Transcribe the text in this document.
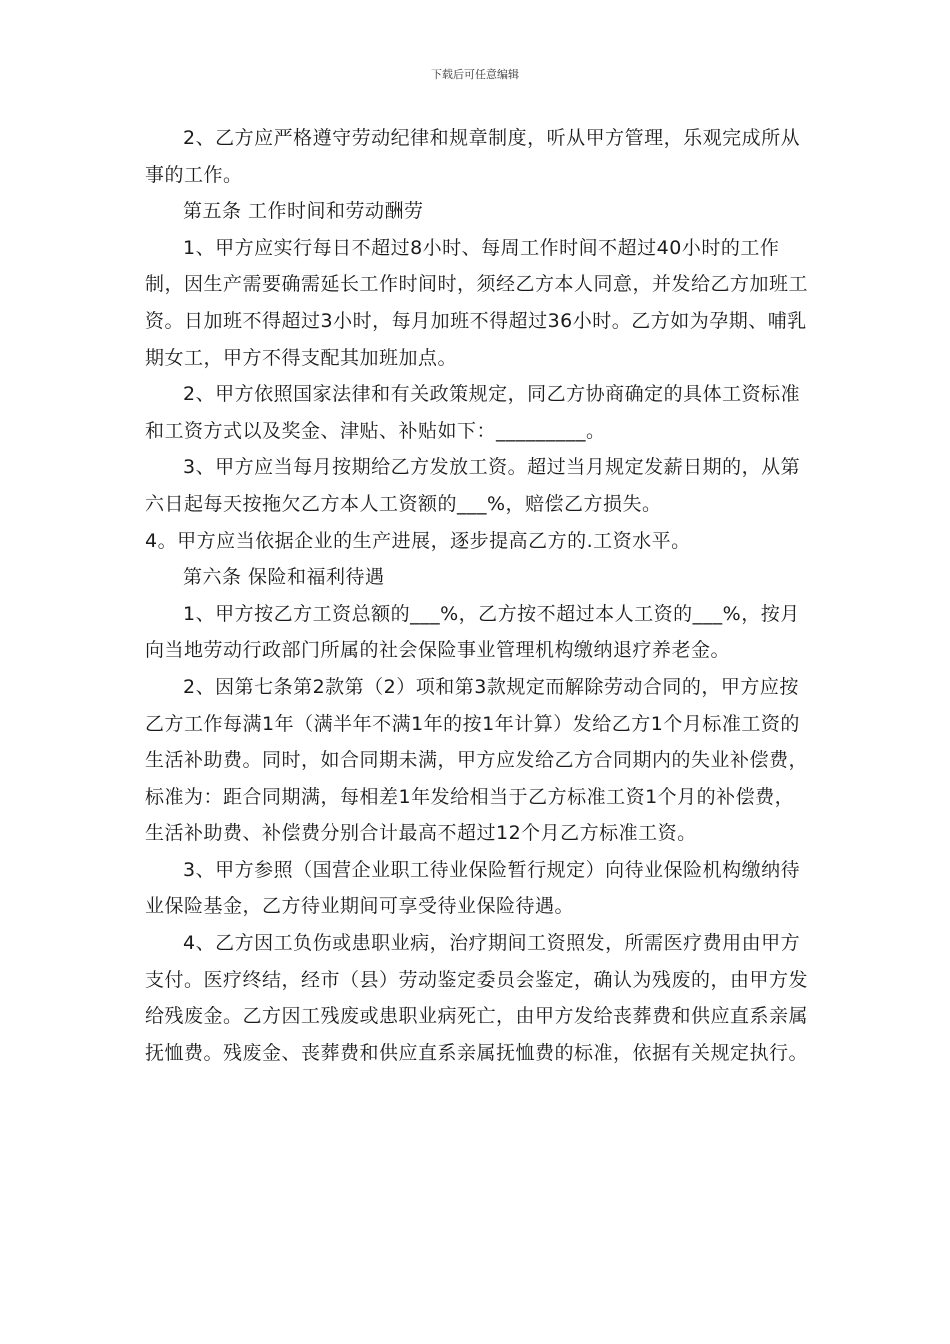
下载后可任意编辑

2、乙方应严格遵守劳动纪律和规章制度，听从甲方管理，乐观完成所从事的工作。

第五条 工作时间和劳动酬劳

1、甲方应实行每日不超过8小时、每周工作时间不超过40小时的工作制，因生产需要确需延长工作时间时，须经乙方本人同意，并发给乙方加班工资。日加班不得超过3小时，每月加班不得超过36小时。乙方如为孕期、哺乳期女工，甲方不得支配其加班加点。

2、甲方依照国家法律和有关政策规定，同乙方协商确定的具体工资标准和工资方式以及奖金、津贴、补贴如下：_________。

3、甲方应当每月按期给乙方发放工资。超过当月规定发薪日期的，从第六日起每天按拖欠乙方本人工资额的___%，赔偿乙方损失。

4。甲方应当依据企业的生产进展，逐步提高乙方的.工资水平。

第六条 保险和福利待遇

1、甲方按乙方工资总额的___%，乙方按不超过本人工资的___%，按月向当地劳动行政部门所属的社会保险事业管理机构缴纳退疗养老金。

2、因第七条第2款第（2）项和第3款规定而解除劳动合同的，甲方应按乙方工作每满1年（满半年不满1年的按1年计算）发给乙方1个月标准工资的生活补助费。同时，如合同期未满，甲方应发给乙方合同期内的失业补偿费，标准为：距合同期满，每相差1年发给相当于乙方标准工资1个月的补偿费，生活补助费、补偿费分别合计最高不超过12个月乙方标准工资。

3、甲方参照（国营企业职工待业保险暂行规定）向待业保险机构缴纳待业保险基金，乙方待业期间可享受待业保险待遇。

4、乙方因工负伤或患职业病，治疗期间工资照发，所需医疗费用由甲方支付。医疗终结，经市（县）劳动鉴定委员会鉴定，确认为残废的，由甲方发给残废金。乙方因工残废或患职业病死亡，由甲方发给丧葬费和供应直系亲属抚恤费。残废金、丧葬费和供应直系亲属抚恤费的标准，依据有关规定执行。
